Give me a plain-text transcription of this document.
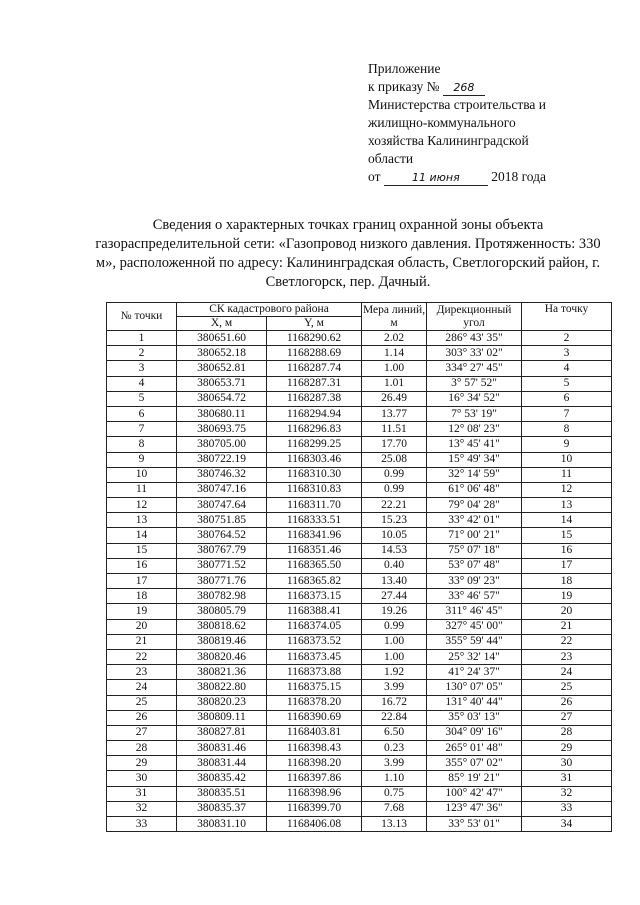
Приложение
к приказу № 268
Министерства строительства и
жилищно-коммунального
хозяйства Калининградской
области
от	11 июня 2018 года
Сведения о характерных точках границ охранной зоны объекта газораспределительной сети: «Газопровод низкого давления. Протяженность: 330 м», расположенной по адресу: Калининградская область, Светлогорский район, г. Светлогорск, пер. Дачный.
№ точки	СК кадастрового района		Мера линий, м	Дирекционный угол	На точку
	X, м	Y, м			
1	380651.60	1168290.62	2.02	286° 43' 35"	2
2	380652.18	1168288.69	1.14	303° 33' 02"	3
3	380652.81	1168287.74	1.00	334° 27' 45"	4
4	380653.71	1168287.31	1.01	3° 57' 52"	5
5	380654.72	1168287.38	26.49	16° 34' 52"	6
6	380680.11	1168294.94	13.77	7° 53' 19"	7
7	380693.75	1168296.83	11.51	12° 08' 23"	8
8	380705.00	1168299.25	17.70	13° 45' 41"	9
9	380722.19	1168303.46	25.08	15° 49' 34"	10
10	380746.32	1168310.30	0.99	32° 14' 59"	11
11	380747.16	1168310.83	0.99	61° 06' 48"	12
12	380747.64	1168311.70	22.21	79° 04' 28"	13
13	380751.85	1168333.51	15.23	33° 42' 01"	14
14	380764.52	1168341.96	10.05	71° 00' 21"	15
15	380767.79	1168351.46	14.53	75° 07' 18"	16
16	380771.52	1168365.50	0.40	53° 07' 48"	17
17	380771.76	1168365.82	13.40	33° 09' 23"	18
18	380782.98	1168373.15	27.44	33° 46' 57"	19
19	380805.79	1168388.41	19.26	311° 46' 45"	20
20	380818.62	1168374.05	0.99	327° 45' 00"	21
21	380819.46	1168373.52	1.00	355° 59' 44"	22
22	380820.46	1168373.45	1.00	25° 32' 14"	23
23	380821.36	1168373.88	1.92	41° 24' 37"	24
24	380822.80	1168375.15	3.99	130° 07' 05"	25
25	380820.23	1168378.20	16.72	131° 40' 44"	26
26	380809.11	1168390.69	22.84	35° 03' 13"	27
27	380827.81	1168403.81	6.50	304° 09' 16"	28
28	380831.46	1168398.43	0.23	265° 01' 48"	29
29	380831.44	1168398.20	3.99	355° 07' 02"	30
30	380835.42	1168397.86	1.10	85° 19' 21"	31
31	380835.51	1168398.96	0.75	100° 42' 47"	32
32	380835.37	1168399.70	7.68	123° 47' 36"	33
33	380831.10	1168406.08	13.13	33° 53' 01"	34
